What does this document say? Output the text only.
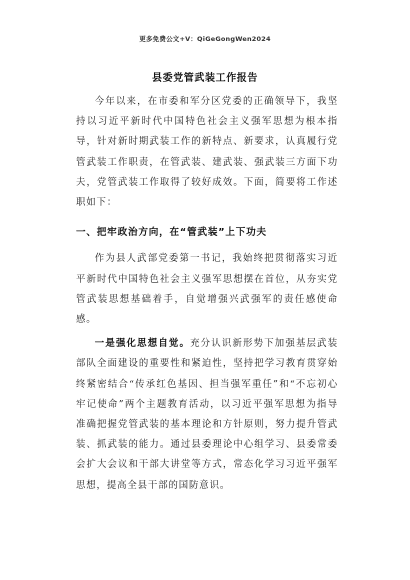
更多免费公文+V：QiGeGongWen2024
县委党管武装工作报告

今年以来，在市委和军分区党委的正确领导下，我坚持以习近平新时代中国特色社会主义强军思想为根本指导，针对新时期武装工作的新特点、新要求，认真履行党管武装工作职责，在管武装、建武装、强武装三方面下功夫，党管武装工作取得了较好成效。下面，简要将工作述职如下：

一、把牢政治方向，在“管武装”上下功夫

作为县人武部党委第一书记，我始终把贯彻落实习近平新时代中国特色社会主义强军思想摆在首位，从夯实党管武装思想基础着手，自觉增强兴武强军的责任感使命感。

一是强化思想自觉。充分认识新形势下加强基层武装部队全面建设的重要性和紧迫性，坚持把学习教育贯穿始终紧密结合“传承红色基因、担当强军重任”和“不忘初心牢记使命”两个主题教育活动，以习近平强军思想为指导准确把握党管武装的基本理论和方针原则，努力提升管武装、抓武装的能力。通过县委理论中心组学习、县委常委会扩大会议和干部大讲堂等方式，常态化学习习近平强军思想，提高全县干部的国防意识。
